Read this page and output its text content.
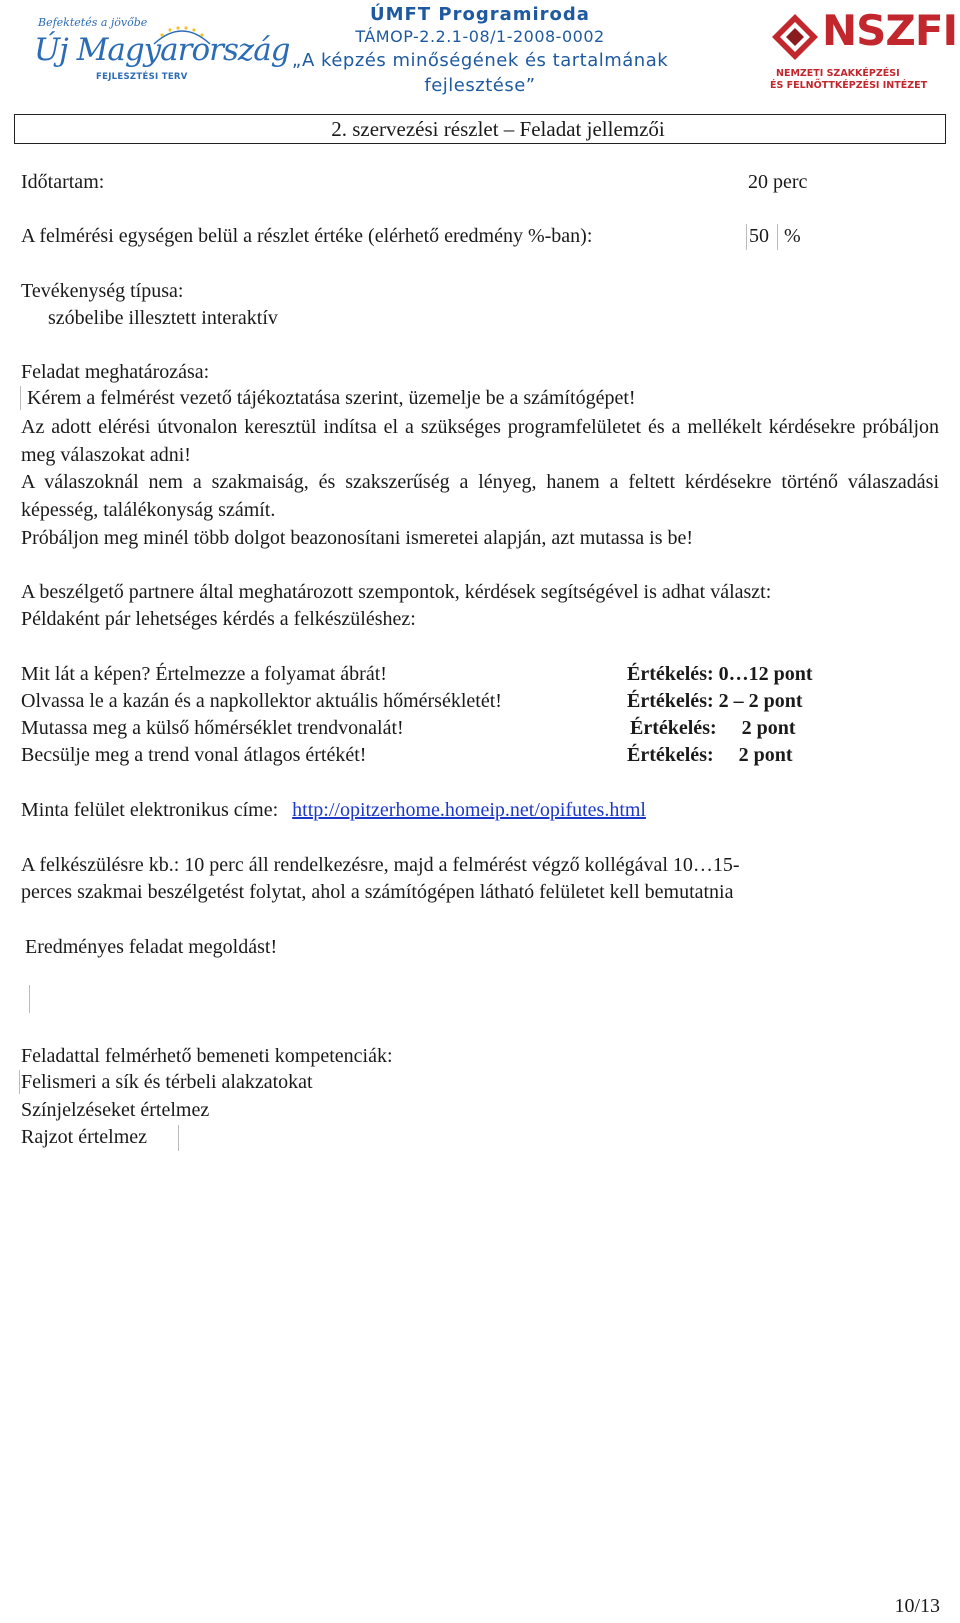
Befektetés a jövőbe
Új Magyarország
FEJLESZTÉSI TERV
ÚMFT Programiroda
TÁMOP-2.2.1-08/1-2008-0002
„A képzés minőségének és tartalmának
fejlesztése”
NSZFI
NEMZETI SZAKKÉPZÉSI
ÉS FELNŐTTKÉPZÉSI INTÉZET
2. szervezési részlet – Feladat jellemzői
Időtartam:	20 perc
A felmérési egységen belül a részlet értéke (elérhető eredmény %-ban):	50 %
Tevékenység típusa:
szóbelibe illesztett interaktív
Feladat meghatározása:
Kérem a felmérést vezető tájékoztatása szerint, üzemelje be a számítógépet!
Az adott elérési útvonalon keresztül indítsa el a szükséges programfelületet és a mellékelt kérdésekre próbáljon meg válaszokat adni!
A válaszoknál nem a szakmaiság, és szakszerűség a lényeg, hanem a feltett kérdésekre történő válaszadási képesség, találékonyság számít.
Próbáljon meg minél több dolgot beazonosítani ismeretei alapján, azt mutassa is be!
A beszélgető partnere által meghatározott szempontok, kérdések segítségével is adhat választ:
Példaként pár lehetséges kérdés a felkészüléshez:
Mit lát a képen? Értelmezze a folyamat ábrát!	Értékelés: 0…12 pont
Olvassa le a kazán és a napkollektor aktuális hőmérsékletét!	Értékelés: 2 – 2 pont
Mutassa meg a külső hőmérséklet trendvonalát!	Értékelés:     2 pont
Becsülje meg a trend vonal átlagos értékét!	Értékelés:     2 pont
Minta felület elektronikus címe: http://opitzerhome.homeip.net/opifutes.html
A felkészülésre kb.: 10 perc áll rendelkezésre, majd a felmérést végző kollégával 10…15-
perces szakmai beszélgetést folytat, ahol a számítógépen látható felületet kell bemutatnia
Eredményes feladat megoldást!
Feladattal felmérhető bemeneti kompetenciák:
Felismeri a sík és térbeli alakzatokat
Színjelzéseket értelmez
Rajzot értelmez
10/13
